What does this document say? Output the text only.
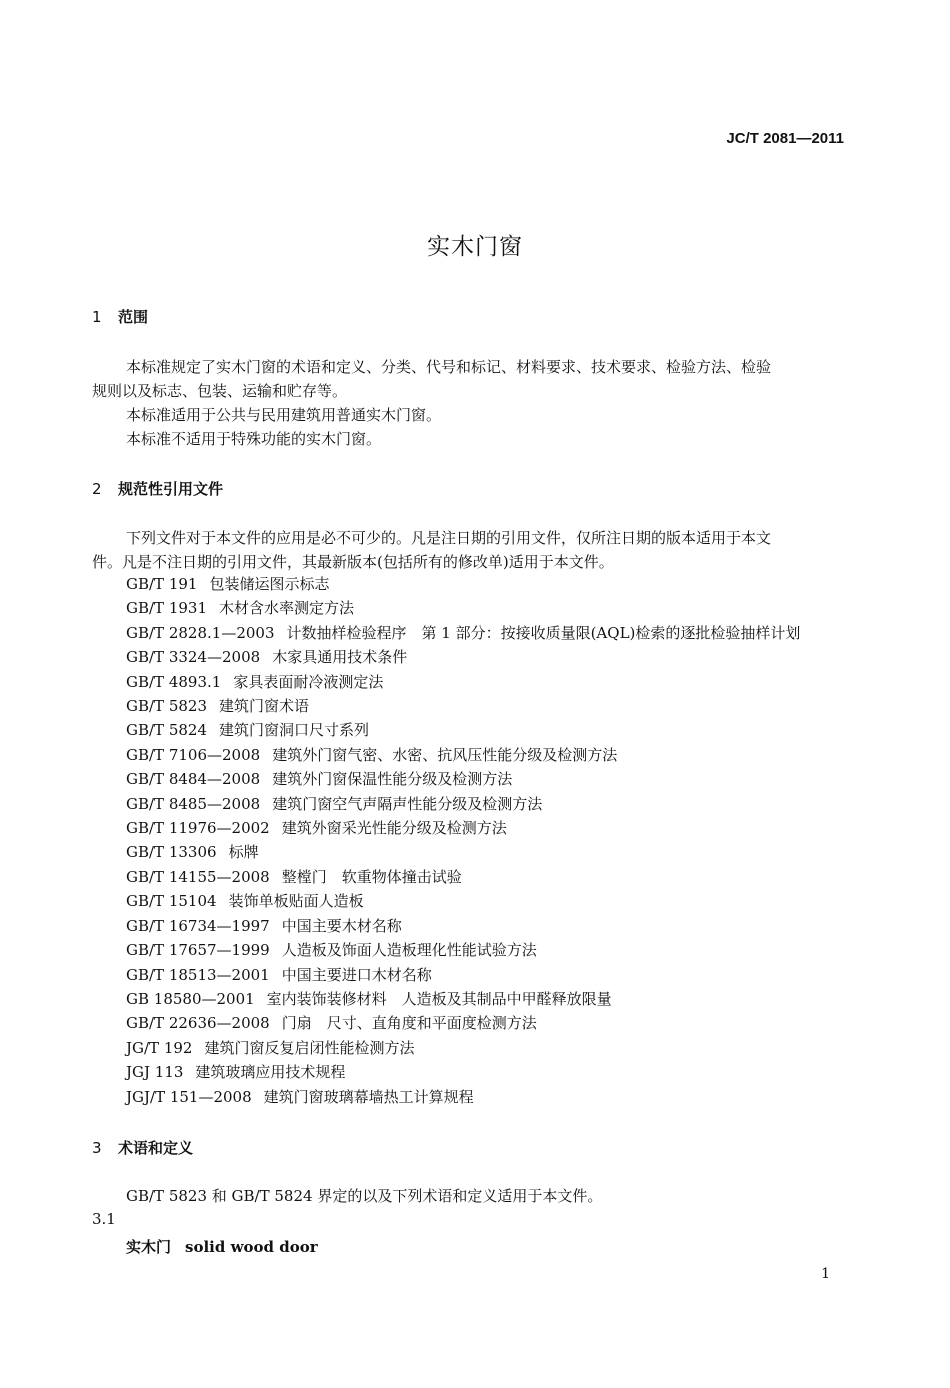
JC/T 2081—2011
实木门窗
1 范围
本标准规定了实木门窗的术语和定义、分类、代号和标记、材料要求、技术要求、检验方法、检验
规则以及标志、包装、运输和贮存等。
本标准适用于公共与民用建筑用普通实木门窗。
本标准不适用于特殊功能的实木门窗。
2 规范性引用文件
下列文件对于本文件的应用是必不可少的。凡是注日期的引用文件，仅所注日期的版本适用于本文
件。凡是不注日期的引用文件，其最新版本(包括所有的修改单)适用于本文件。
GB/T 191 包装储运图示标志
GB/T 1931 木材含水率测定方法
GB/T 2828.1—2003 计数抽样检验程序　第 1 部分：按接收质量限(AQL)检索的逐批检验抽样计划
GB/T 3324—2008 木家具通用技术条件
GB/T 4893.1 家具表面耐冷液测定法
GB/T 5823 建筑门窗术语
GB/T 5824 建筑门窗洞口尺寸系列
GB/T 7106—2008 建筑外门窗气密、水密、抗风压性能分级及检测方法
GB/T 8484—2008 建筑外门窗保温性能分级及检测方法
GB/T 8485—2008 建筑门窗空气声隔声性能分级及检测方法
GB/T 11976—2002 建筑外窗采光性能分级及检测方法
GB/T 13306 标牌
GB/T 14155—2008 整樘门　软重物体撞击试验
GB/T 15104 装饰单板贴面人造板
GB/T 16734—1997 中国主要木材名称
GB/T 17657—1999 人造板及饰面人造板理化性能试验方法
GB/T 18513—2001 中国主要进口木材名称
GB 18580—2001 室内装饰装修材料　人造板及其制品中甲醛释放限量
GB/T 22636—2008 门扇　尺寸、直角度和平面度检测方法
JG/T 192 建筑门窗反复启闭性能检测方法
JGJ 113 建筑玻璃应用技术规程
JGJ/T 151—2008 建筑门窗玻璃幕墙热工计算规程
3 术语和定义
GB/T 5823 和 GB/T 5824 界定的以及下列术语和定义适用于本文件。
3.1
实木门 solid wood door
1
